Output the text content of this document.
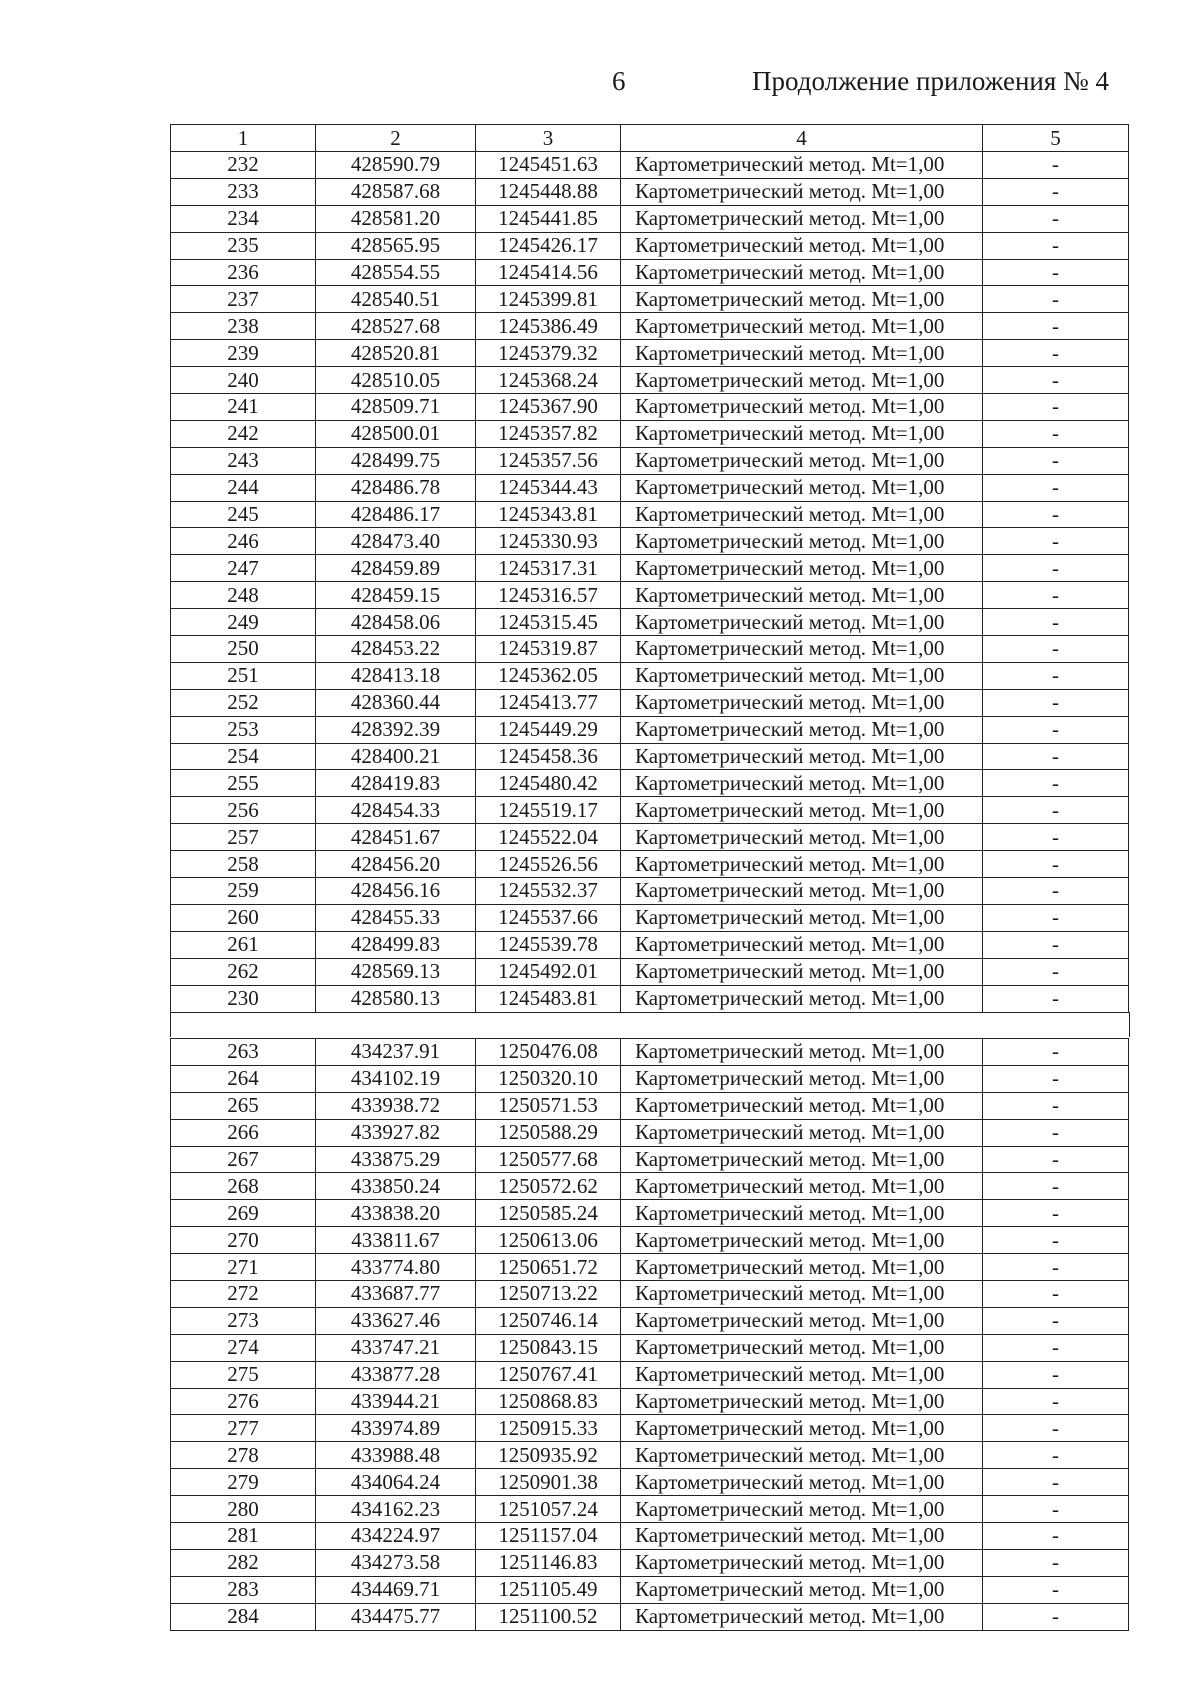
6	Продолжение приложения № 4
1	2	3	4	5
232	428590.79	1245451.63	Картометрический метод. Mt=1,00	-
233	428587.68	1245448.88	Картометрический метод. Mt=1,00	-
234	428581.20	1245441.85	Картометрический метод. Mt=1,00	-
235	428565.95	1245426.17	Картометрический метод. Mt=1,00	-
236	428554.55	1245414.56	Картометрический метод. Mt=1,00	-
237	428540.51	1245399.81	Картометрический метод. Mt=1,00	-
238	428527.68	1245386.49	Картометрический метод. Mt=1,00	-
239	428520.81	1245379.32	Картометрический метод. Mt=1,00	-
240	428510.05	1245368.24	Картометрический метод. Mt=1,00	-
241	428509.71	1245367.90	Картометрический метод. Mt=1,00	-
242	428500.01	1245357.82	Картометрический метод. Mt=1,00	-
243	428499.75	1245357.56	Картометрический метод. Mt=1,00	-
244	428486.78	1245344.43	Картометрический метод. Mt=1,00	-
245	428486.17	1245343.81	Картометрический метод. Mt=1,00	-
246	428473.40	1245330.93	Картометрический метод. Mt=1,00	-
247	428459.89	1245317.31	Картометрический метод. Mt=1,00	-
248	428459.15	1245316.57	Картометрический метод. Mt=1,00	-
249	428458.06	1245315.45	Картометрический метод. Mt=1,00	-
250	428453.22	1245319.87	Картометрический метод. Mt=1,00	-
251	428413.18	1245362.05	Картометрический метод. Mt=1,00	-
252	428360.44	1245413.77	Картометрический метод. Mt=1,00	-
253	428392.39	1245449.29	Картометрический метод. Mt=1,00	-
254	428400.21	1245458.36	Картометрический метод. Mt=1,00	-
255	428419.83	1245480.42	Картометрический метод. Mt=1,00	-
256	428454.33	1245519.17	Картометрический метод. Mt=1,00	-
257	428451.67	1245522.04	Картометрический метод. Mt=1,00	-
258	428456.20	1245526.56	Картометрический метод. Mt=1,00	-
259	428456.16	1245532.37	Картометрический метод. Mt=1,00	-
260	428455.33	1245537.66	Картометрический метод. Mt=1,00	-
261	428499.83	1245539.78	Картометрический метод. Mt=1,00	-
262	428569.13	1245492.01	Картометрический метод. Mt=1,00	-
230	428580.13	1245483.81	Картометрический метод. Mt=1,00	-
263	434237.91	1250476.08	Картометрический метод. Mt=1,00	-
264	434102.19	1250320.10	Картометрический метод. Mt=1,00	-
265	433938.72	1250571.53	Картометрический метод. Mt=1,00	-
266	433927.82	1250588.29	Картометрический метод. Mt=1,00	-
267	433875.29	1250577.68	Картометрический метод. Mt=1,00	-
268	433850.24	1250572.62	Картометрический метод. Mt=1,00	-
269	433838.20	1250585.24	Картометрический метод. Mt=1,00	-
270	433811.67	1250613.06	Картометрический метод. Mt=1,00	-
271	433774.80	1250651.72	Картометрический метод. Mt=1,00	-
272	433687.77	1250713.22	Картометрический метод. Mt=1,00	-
273	433627.46	1250746.14	Картометрический метод. Mt=1,00	-
274	433747.21	1250843.15	Картометрический метод. Mt=1,00	-
275	433877.28	1250767.41	Картометрический метод. Mt=1,00	-
276	433944.21	1250868.83	Картометрический метод. Mt=1,00	-
277	433974.89	1250915.33	Картометрический метод. Mt=1,00	-
278	433988.48	1250935.92	Картометрический метод. Mt=1,00	-
279	434064.24	1250901.38	Картометрический метод. Mt=1,00	-
280	434162.23	1251057.24	Картометрический метод. Mt=1,00	-
281	434224.97	1251157.04	Картометрический метод. Mt=1,00	-
282	434273.58	1251146.83	Картометрический метод. Mt=1,00	-
283	434469.71	1251105.49	Картометрический метод. Mt=1,00	-
284	434475.77	1251100.52	Картометрический метод. Mt=1,00	-
